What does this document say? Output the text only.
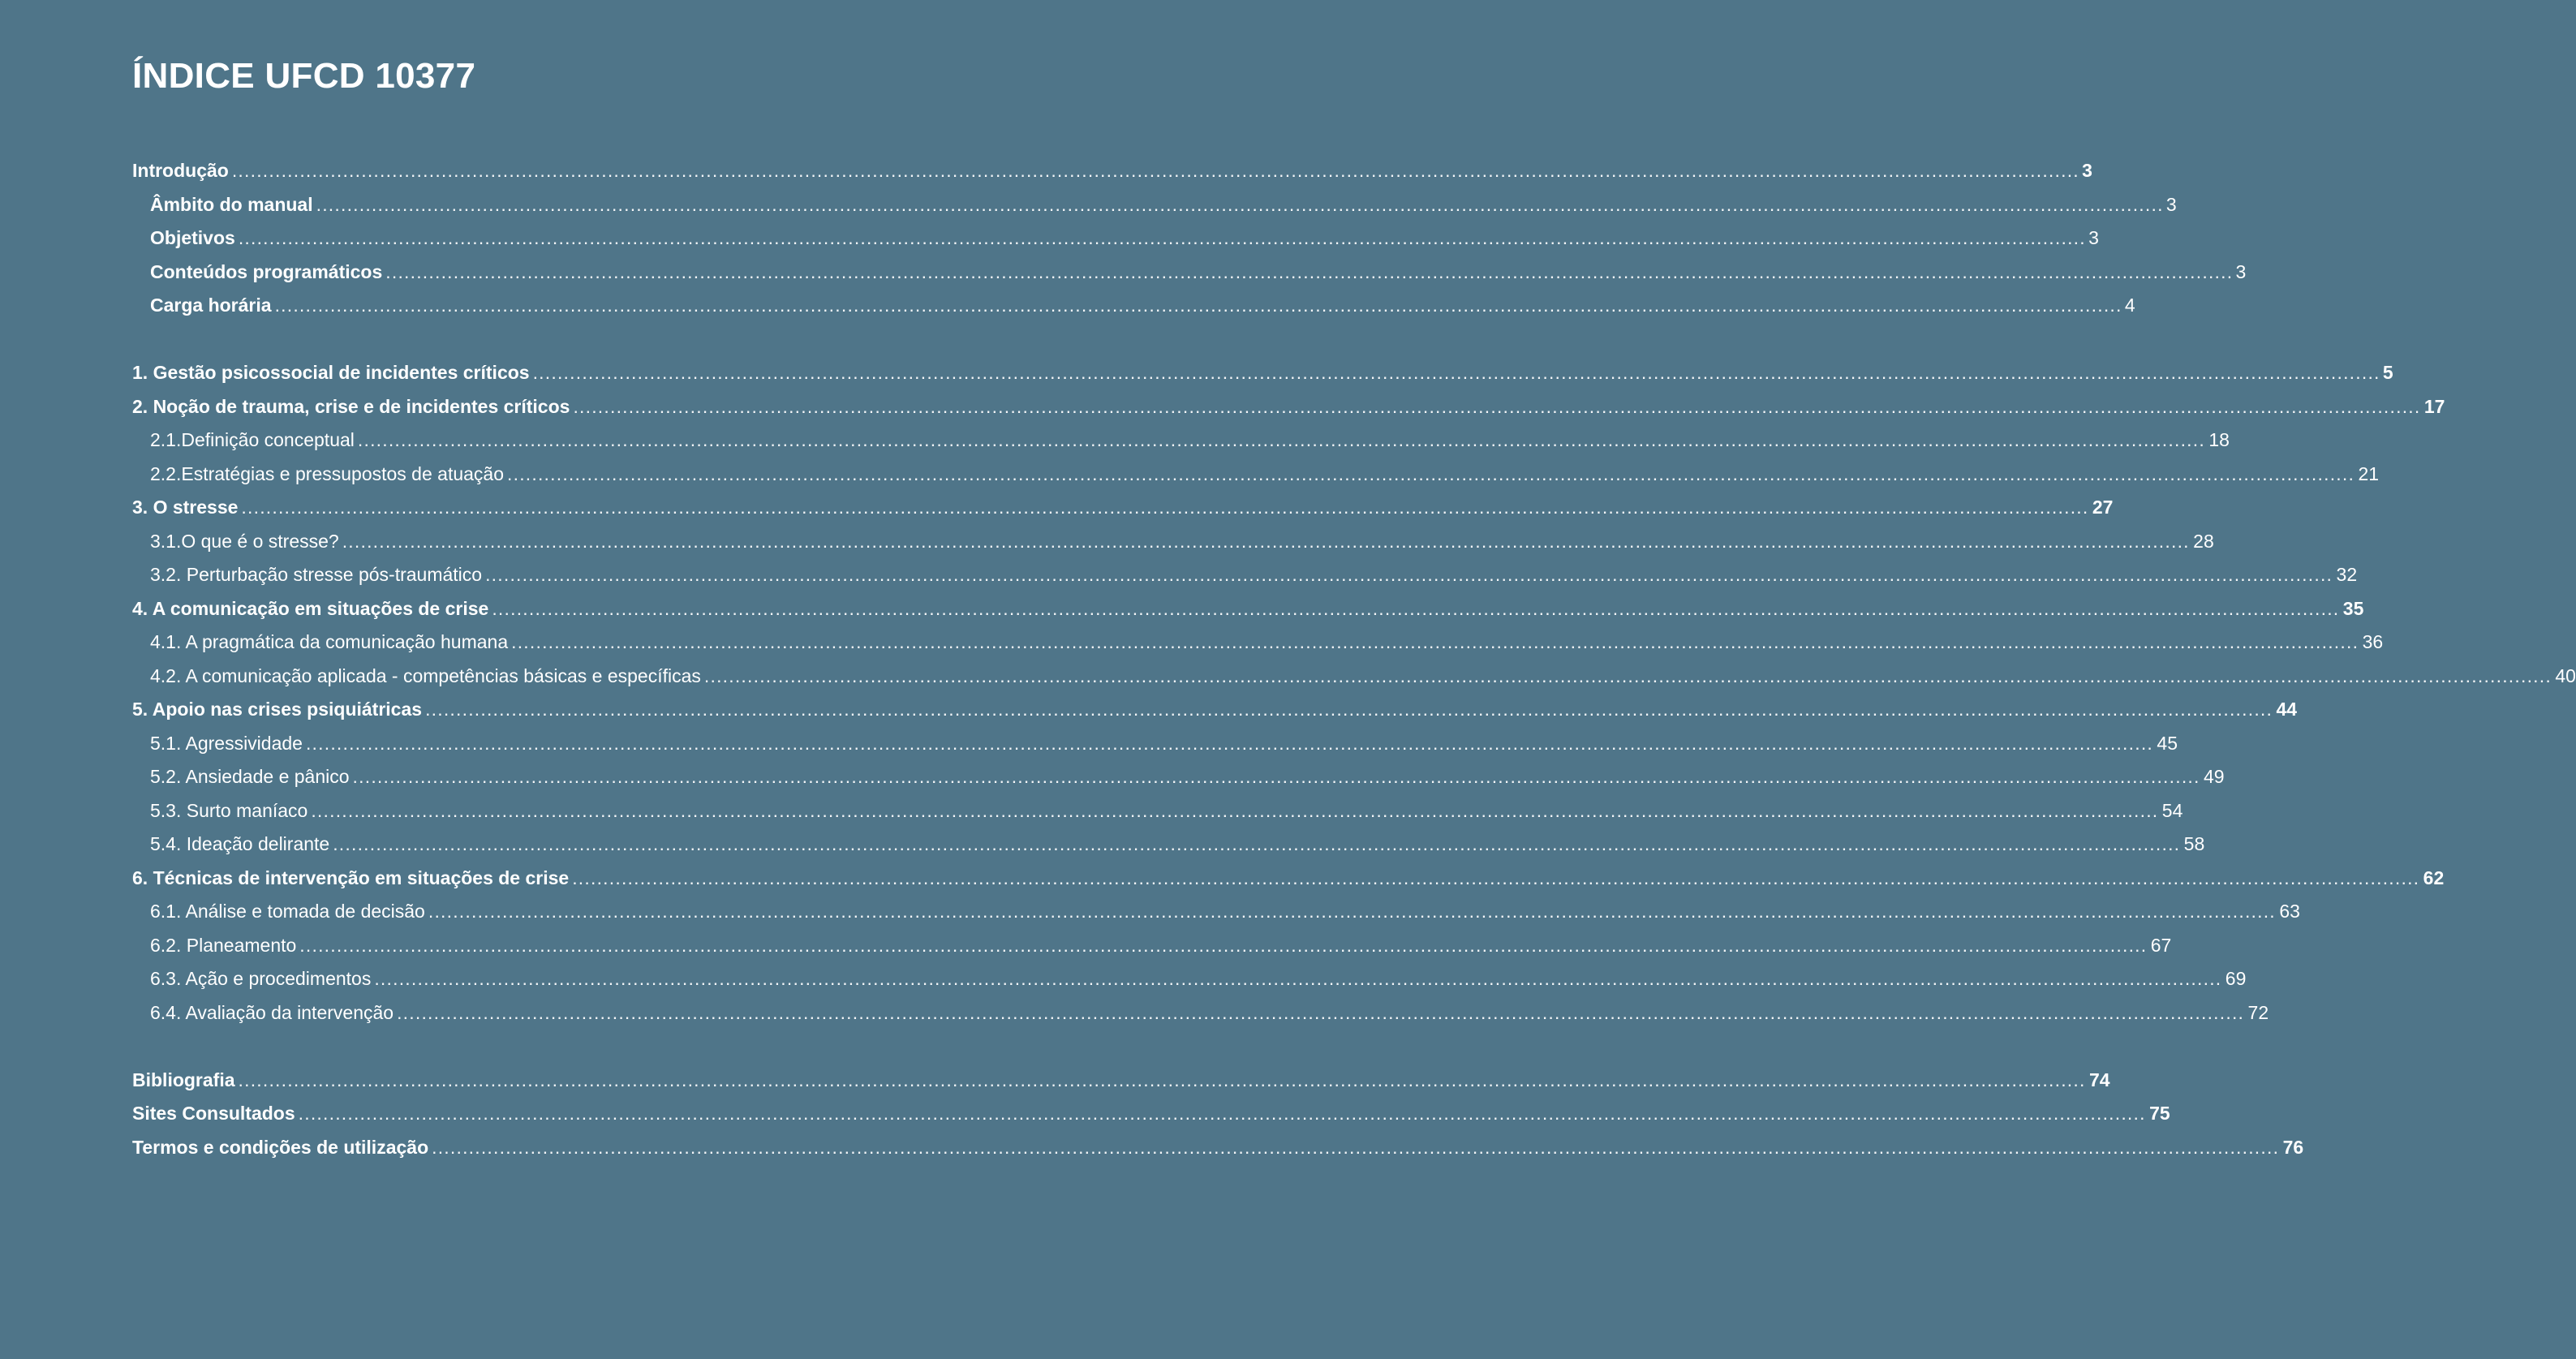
ÍNDICE UFCD 10377
Introdução ............................................................................................................................................................................................................................................................................................................ 3
Âmbito do manual ............................................................................................................................................................................................................................................................................................................ 3
Objetivos ............................................................................................................................................................................................................................................................................................................ 3
Conteúdos programáticos ............................................................................................................................................................................................................................................................................................................ 3
Carga horária ............................................................................................................................................................................................................................................................................................................ 4
1. Gestão psicossocial de incidentes críticos ............................................................................................................................................................................................................................................................................................................ 5
2. Noção de trauma, crise e de incidentes críticos ............................................................................................................................................................................................................................................................................................................ 17
2.1.Definição conceptual ............................................................................................................................................................................................................................................................................................................ 18
2.2.Estratégias e pressupostos de atuação ............................................................................................................................................................................................................................................................................................................ 21
3. O stresse ............................................................................................................................................................................................................................................................................................................ 27
3.1.O que é o stresse? ............................................................................................................................................................................................................................................................................................................ 28
3.2. Perturbação stresse pós-traumático ............................................................................................................................................................................................................................................................................................................ 32
4. A comunicação em situações de crise ............................................................................................................................................................................................................................................................................................................ 35
4.1. A pragmática da comunicação humana ............................................................................................................................................................................................................................................................................................................ 36
4.2. A comunicação aplicada - competências básicas e específicas ............................................................................................................................................................................................................................................................................................................ 40
5. Apoio nas crises psiquiátricas ............................................................................................................................................................................................................................................................................................................ 44
5.1. Agressividade ............................................................................................................................................................................................................................................................................................................ 45
5.2. Ansiedade e pânico ............................................................................................................................................................................................................................................................................................................ 49
5.3. Surto maníaco ............................................................................................................................................................................................................................................................................................................ 54
5.4. Ideação delirante ............................................................................................................................................................................................................................................................................................................ 58
6. Técnicas de intervenção em situações de crise ............................................................................................................................................................................................................................................................................................................ 62
6.1. Análise e tomada de decisão ............................................................................................................................................................................................................................................................................................................ 63
6.2. Planeamento ............................................................................................................................................................................................................................................................................................................ 67
6.3. Ação e procedimentos ............................................................................................................................................................................................................................................................................................................ 69
6.4. Avaliação da intervenção ............................................................................................................................................................................................................................................................................................................ 72
Bibliografia ............................................................................................................................................................................................................................................................................................................ 74
Sites Consultados ............................................................................................................................................................................................................................................................................................................ 75
Termos e condições de utilização ............................................................................................................................................................................................................................................................................................................ 76
